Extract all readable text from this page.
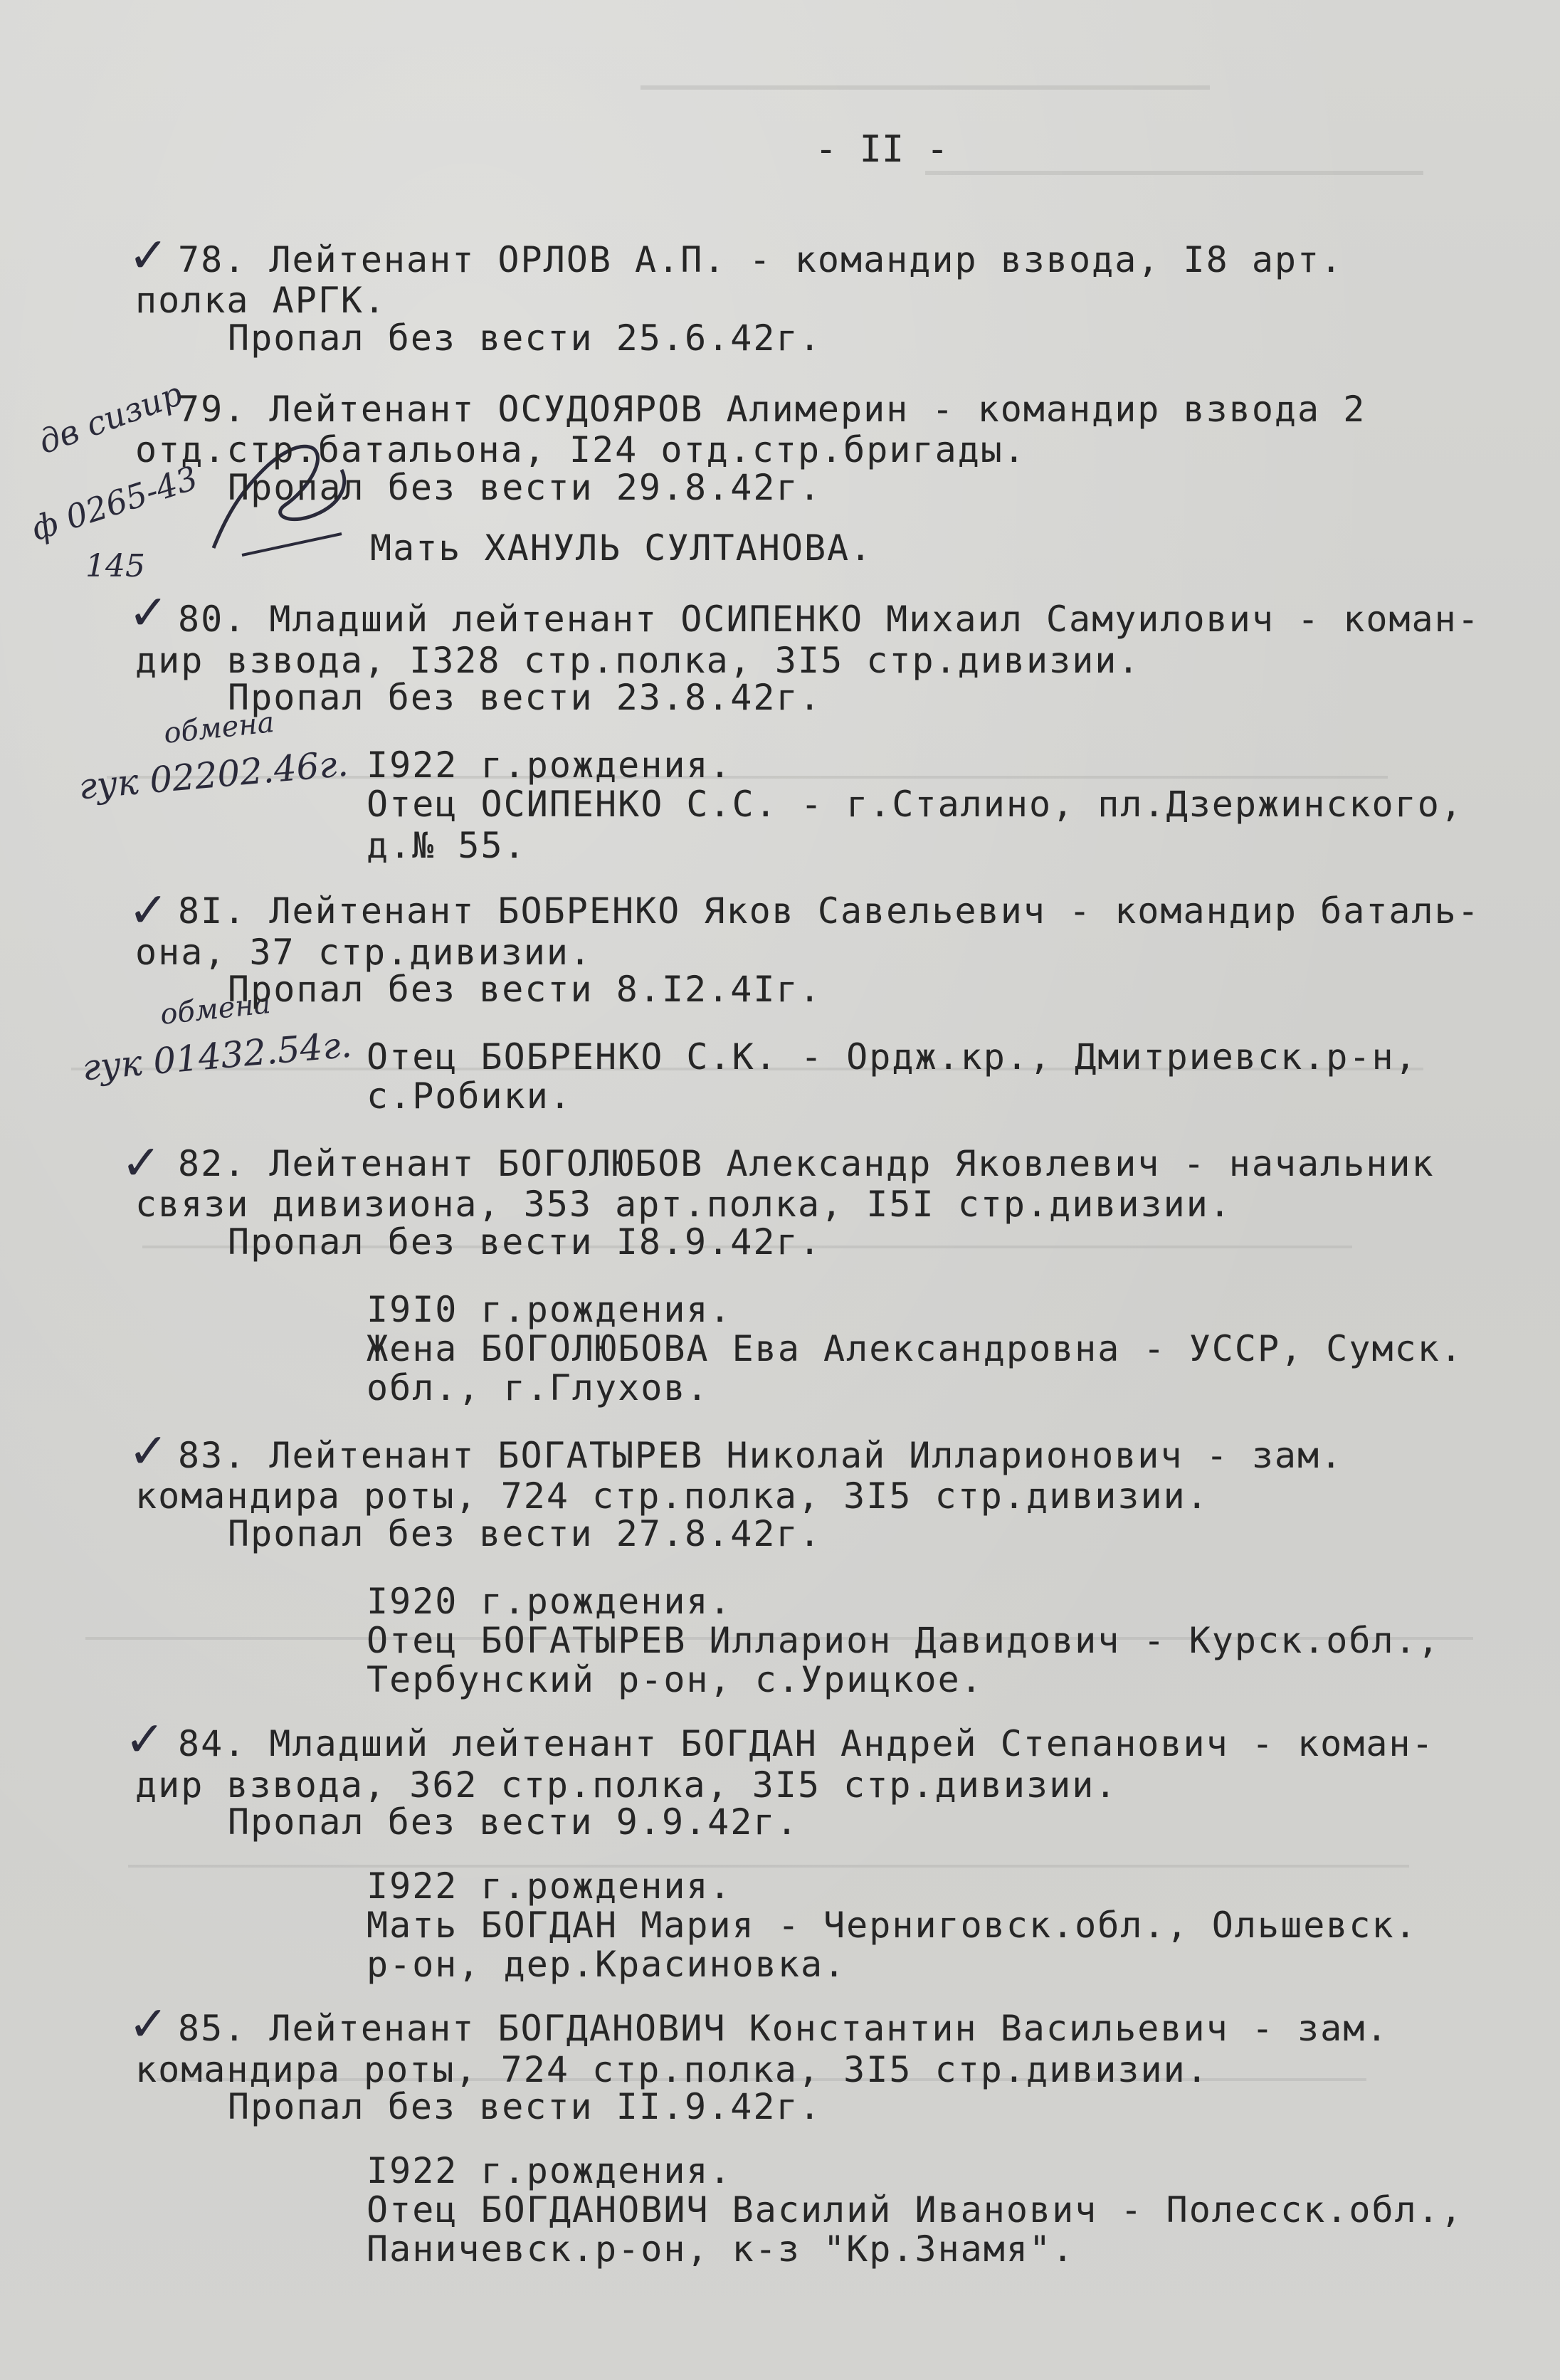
- II -
✓
✓
✓
✓
✓
✓
✓
дв сизир
ф 0265-43
145
обмена
гук 02202.46г.
обмена
гук 01432.54г.
78. Лейтенант ОРЛОВ А.П. - командир взвода, I8 арт.
полка АРГК.
Пропал без вести 25.6.42г.
79. Лейтенант ОСУДОЯРОВ Алимерин - командир взвода 2
отд.стр.батальона, I24 отд.стр.бригады.
Пропал без вести 29.8.42г.
Мать ХАНУЛЬ СУЛТАНОВА.
80. Младший лейтенант ОСИПЕНКО Михаил Самуилович - коман-
дир взвода, I328 стр.полка, 3I5 стр.дивизии.
Пропал без вести 23.8.42г.
I922 г.рождения.
Отец ОСИПЕНКО С.С. - г.Сталино, пл.Дзержинского,
д.№ 55.
8I. Лейтенант БОБРЕНКО Яков Савельевич - командир баталь-
она, 37 стр.дивизии.
Пропал без вести 8.I2.4Iг.
Отец БОБРЕНКО С.К. - Ордж.кр., Дмитриевск.р-н,
с.Робики.
82. Лейтенант БОГОЛЮБОВ Александр Яковлевич - начальник
связи дивизиона, 353 арт.полка, I5I стр.дивизии.
Пропал без вести I8.9.42г.
I9I0 г.рождения.
Жена БОГОЛЮБОВА Ева Александровна - УССР, Сумск.
обл., г.Глухов.
83. Лейтенант БОГАТЫРЕВ Николай Илларионович - зам.
командира роты, 724 стр.полка, 3I5 стр.дивизии.
Пропал без вести 27.8.42г.
I920 г.рождения.
Отец БОГАТЫРЕВ Илларион Давидович - Курск.обл.,
Тербунский р-он, с.Урицкое.
84. Младший лейтенант БОГДАН Андрей Степанович - коман-
дир взвода, 362 стр.полка, 3I5 стр.дивизии.
Пропал без вести 9.9.42г.
I922 г.рождения.
Мать БОГДАН Мария - Черниговск.обл., Ольшевск.
р-он, дер.Красиновка.
85. Лейтенант БОГДАНОВИЧ Константин Васильевич - зам.
командира роты, 724 стр.полка, 3I5 стр.дивизии.
Пропал без вести II.9.42г.
I922 г.рождения.
Отец БОГДАНОВИЧ Василий Иванович - Полесск.обл.,
Паничевск.р-он, к-з "Кр.Знамя".
